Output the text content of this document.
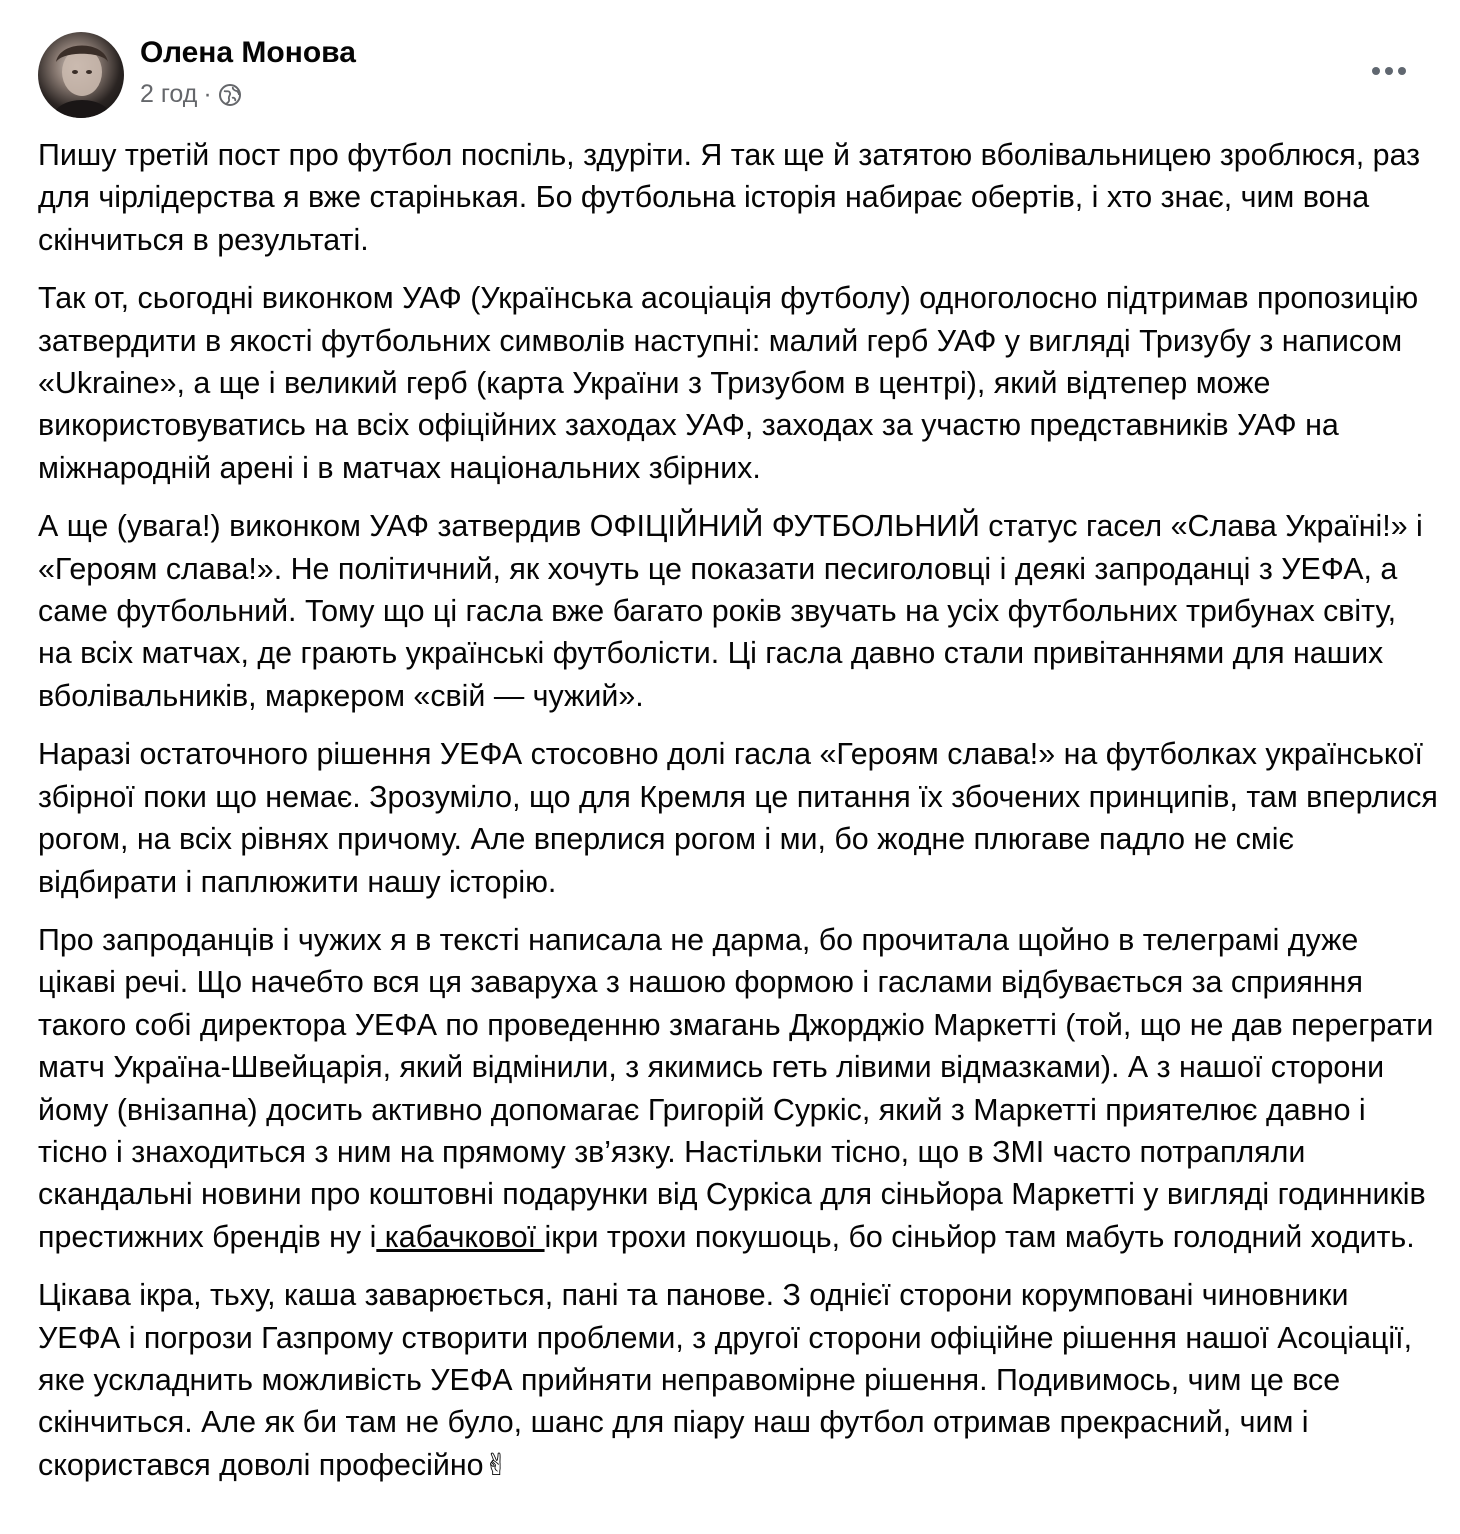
Олена Монова
2 год ·

Пишу третій пост про футбол поспіль, здуріти. Я так ще й затятою вболівальницею зроблюся, раз для чірлідерства я вже старінькая. Бо футбольна історія набирає обертів, і хто знає, чим вона скінчиться в результаті.

Так от, сьогодні виконком УАФ (Українська асоціація футболу) одноголосно підтримав пропозицію затвердити в якості футбольних символів наступні: малий герб УАФ у вигляді Тризубу з написом «Ukraine», а ще і великий герб (карта України з Тризубом в центрі), який відтепер може використовуватись на всіх офіційних заходах УАФ, заходах за участю представників УАФ на міжнародній арені і в матчах національних збірних.

А ще (увага!) виконком УАФ затвердив ОФІЦІЙНИЙ ФУТБОЛЬНИЙ статус гасел «Слава Україні!» і «Героям слава!». Не політичний, як хочуть це показати песиголовці і деякі запроданці з УЕФА, а саме футбольний. Тому що ці гасла вже багато років звучать на усіх футбольних трибунах світу, на всіх матчах, де грають українські футболісти. Ці гасла давно стали привітаннями для наших вболівальників, маркером «свій — чужий».

Наразі остаточного рішення УЕФА стосовно долі гасла «Героям слава!» на футболках української збірної поки що немає. Зрозуміло, що для Кремля це питання їх збочених принципів, там вперлися рогом, на всіх рівнях причому. Але вперлися рогом і ми, бо жодне плюгаве падло не сміє відбирати і паплюжити нашу історію.

Про запроданців і чужих я в тексті написала не дарма, бо прочитала щойно в телеграмі дуже цікаві речі. Що начебто вся ця заваруха з нашою формою і гаслами відбувається за сприяння такого собі директора УЕФА по проведенню змагань Джорджіо Маркетті (той, що не дав переграти матч Україна-Швейцарія, який відмінили, з якимись геть лівими відмазками). А з нашої сторони йому (внізапна) досить активно допомагає Григорій Суркіс, який з Маркетті приятелює давно і тісно і знаходиться з ним на прямому зв’язку. Настільки тісно, що в ЗМІ часто потрапляли скандальні новини про коштовні подарунки від Суркіса для сіньйора Маркетті у вигляді годинників престижних брендів ну і кабачкової ікри трохи покушоць, бо сіньйор там мабуть голодний ходить.

Цікава ікра, тьху, каша заварюється, пані та панове. З однієї сторони корумповані чиновники УЕФА і погрози Газпрому створити проблеми, з другої сторони офіційне рішення нашої Асоціації, яке ускладнить можливість УЕФА прийняти неправомірне рішення. Подивимось, чим це все скінчиться. Але як би там не було, шанс для піару наш футбол отримав прекрасний, чим і скористався доволі професійно✌
